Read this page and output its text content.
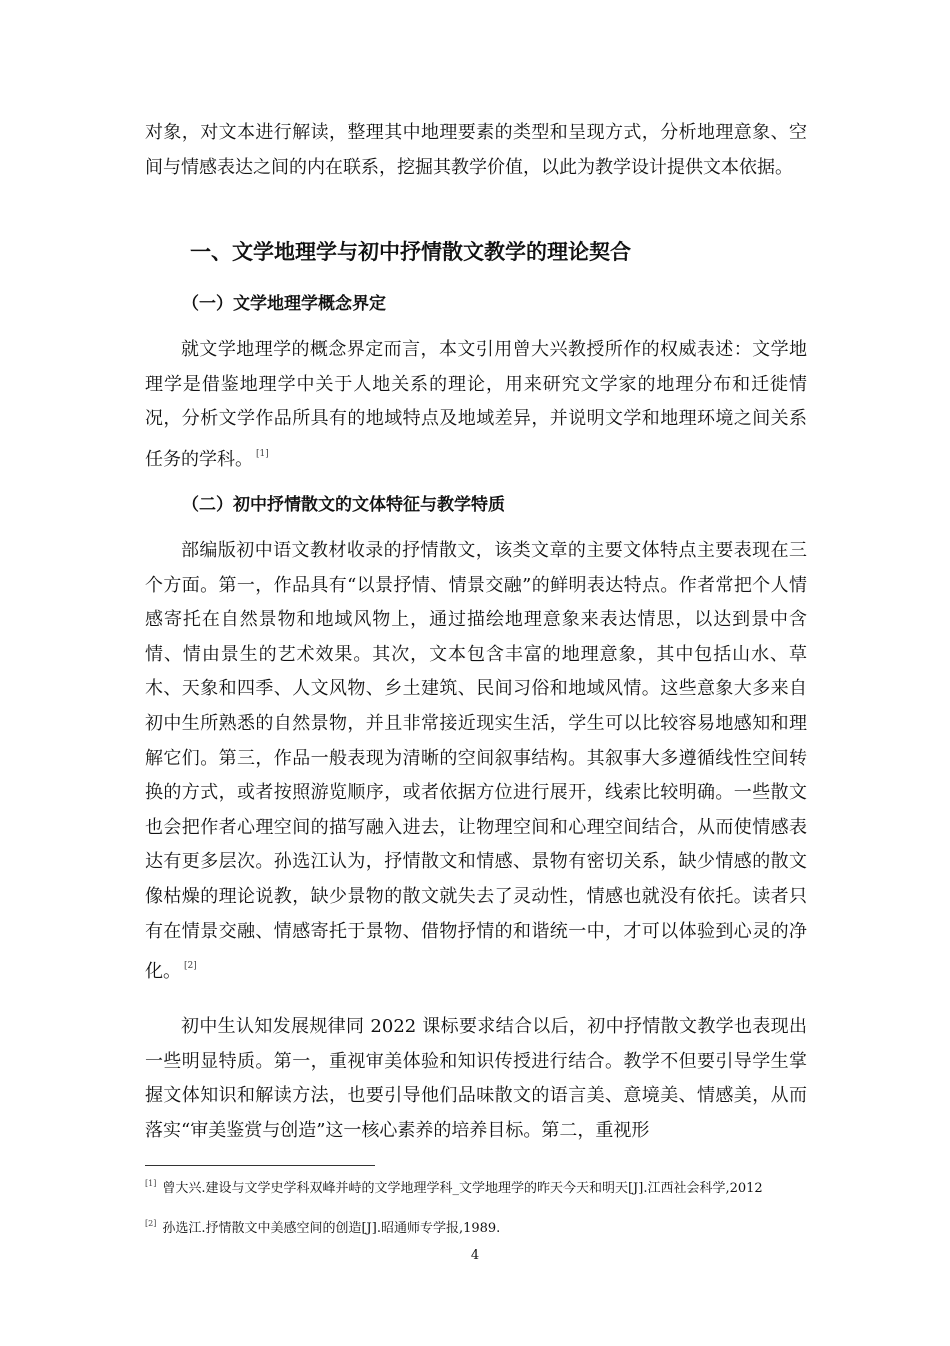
对象，对文本进行解读，整理其中地理要素的类型和呈现方式，分析地理意象、空间与情感表达之间的内在联系，挖掘其教学价值，以此为教学设计提供文本依据。

一、文学地理学与初中抒情散文教学的理论契合
（一）文学地理学概念界定

就文学地理学的概念界定而言，本文引用曾大兴教授所作的权威表述：文学地理学是借鉴地理学中关于人地关系的理论，用来研究文学家的地理分布和迁徙情况，分析文学作品所具有的地域特点及地域差异，并说明文学和地理环境之间关系任务的学科。 [1]

（二）初中抒情散文的文体特征与教学特质

部编版初中语文教材收录的抒情散文，该类文章的主要文体特点主要表现在三个方面。第一，作品具有“以景抒情、情景交融”的鲜明表达特点。作者常把个人情感寄托在自然景物和地域风物上，通过描绘地理意象来表达情思，以达到景中含情、情由景生的艺术效果。其次，文本包含丰富的地理意象，其中包括山水、草木、天象和四季、人文风物、乡土建筑、民间习俗和地域风情。这些意象大多来自初中生所熟悉的自然景物，并且非常接近现实生活，学生可以比较容易地感知和理解它们。第三，作品一般表现为清晰的空间叙事结构。其叙事大多遵循线性空间转换的方式，或者按照游览顺序，或者依据方位进行展开，线索比较明确。一些散文也会把作者心理空间的描写融入进去，让物理空间和心理空间结合，从而使情感表达有更多层次。孙选江认为，抒情散文和情感、景物有密切关系，缺少情感的散文像枯燥的理论说教，缺少景物的散文就失去了灵动性，情感也就没有依托。读者只有在情景交融、情感寄托于景物、借物抒情的和谐统一中，才可以体验到心灵的净化。 [2]

初中生认知发展规律同 2022 课标要求结合以后，初中抒情散文教学也表现出一些明显特质。第一，重视审美体验和知识传授进行结合。教学不但要引导学生掌握文体知识和解读方法，也要引导他们品味散文的语言美、意境美、情感美，从而落实“审美鉴赏与创造”这一核心素养的培养目标。第二，重视形

[1] 曾大兴.建设与文学史学科双峰并峙的文学地理学科_文学地理学的昨天今天和明天[J].江西社会科学,2012

[2] 孙选江.抒情散文中美感空间的创造[J].昭通师专学报,1989.

4
